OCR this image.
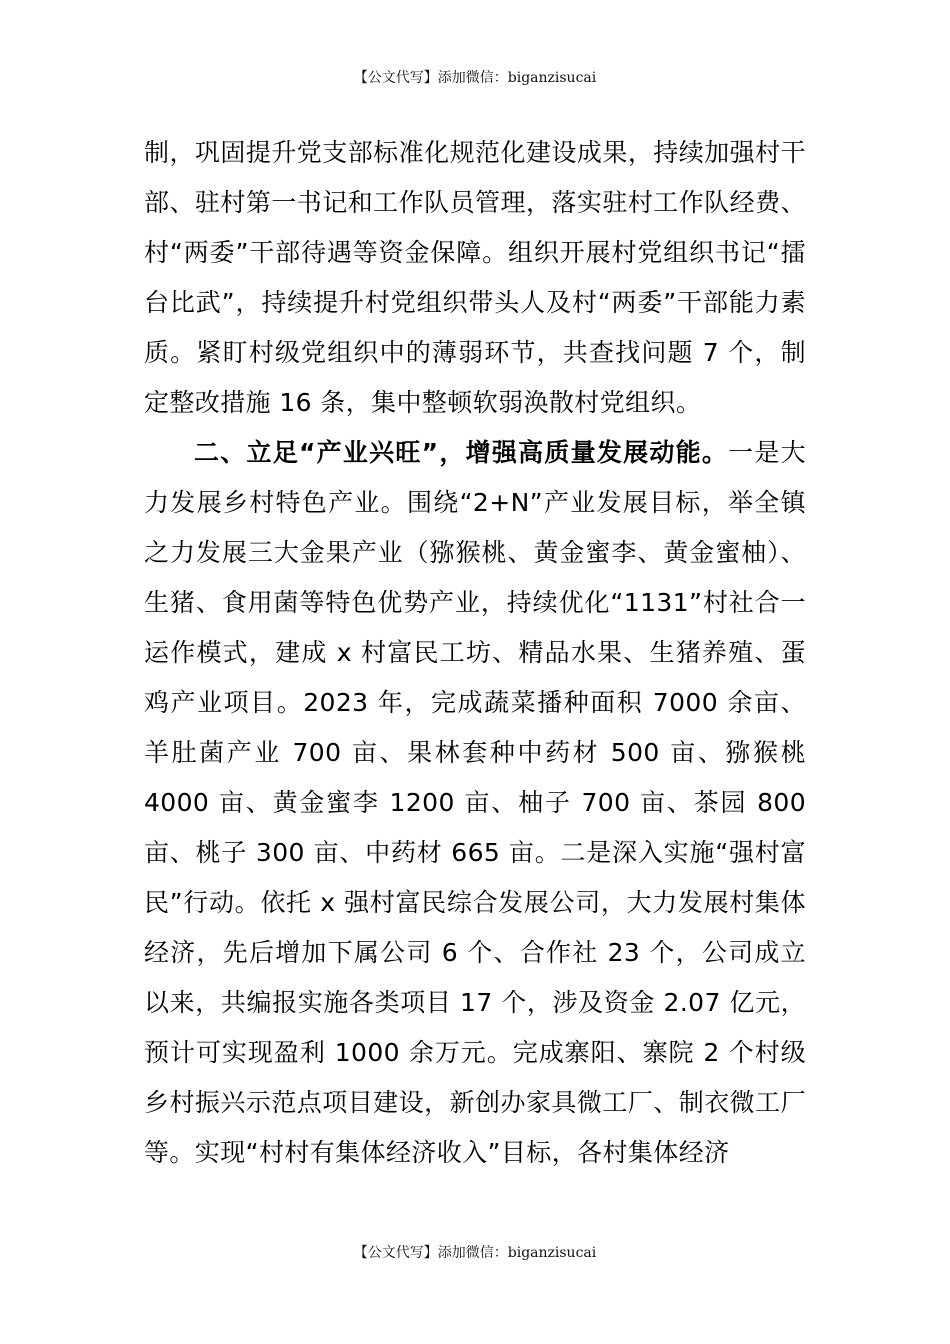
【公文代写】添加微信：biganzisucai

制，巩固提升党支部标准化规范化建设成果，持续加强村干部、驻村第一书记和工作队员管理，落实驻村工作队经费、村“两委”干部待遇等资金保障。组织开展村党组织书记“擂台比武”，持续提升村党组织带头人及村“两委”干部能力素质。紧盯村级党组织中的薄弱环节，共查找问题 7 个，制定整改措施 16 条，集中整顿软弱涣散村党组织。

二、立足“产业兴旺”，增强高质量发展动能。一是大力发展乡村特色产业。围绕“2+N”产业发展目标，举全镇之力发展三大金果产业（猕猴桃、黄金蜜李、黄金蜜柚）、生猪、食用菌等特色优势产业，持续优化“1131”村社合一运作模式，建成 x 村富民工坊、精品水果、生猪养殖、蛋鸡产业项目。2023 年，完成蔬菜播种面积 7000 余亩、羊肚菌产业 700 亩、果林套种中药材 500 亩、猕猴桃 4000 亩、黄金蜜李 1200 亩、柚子 700 亩、茶园 800 亩、桃子 300 亩、中药材 665 亩。二是深入实施“强村富民”行动。依托 x 强村富民综合发展公司，大力发展村集体经济，先后增加下属公司 6 个、合作社 23 个，公司成立以来，共编报实施各类项目 17 个，涉及资金 2.07 亿元，预计可实现盈利 1000 余万元。完成寨阳、寨院 2 个村级乡村振兴示范点项目建设，新创办家具微工厂、制衣微工厂等。实现“村村有集体经济收入”目标，各村集体经济

【公文代写】添加微信：biganzisucai
